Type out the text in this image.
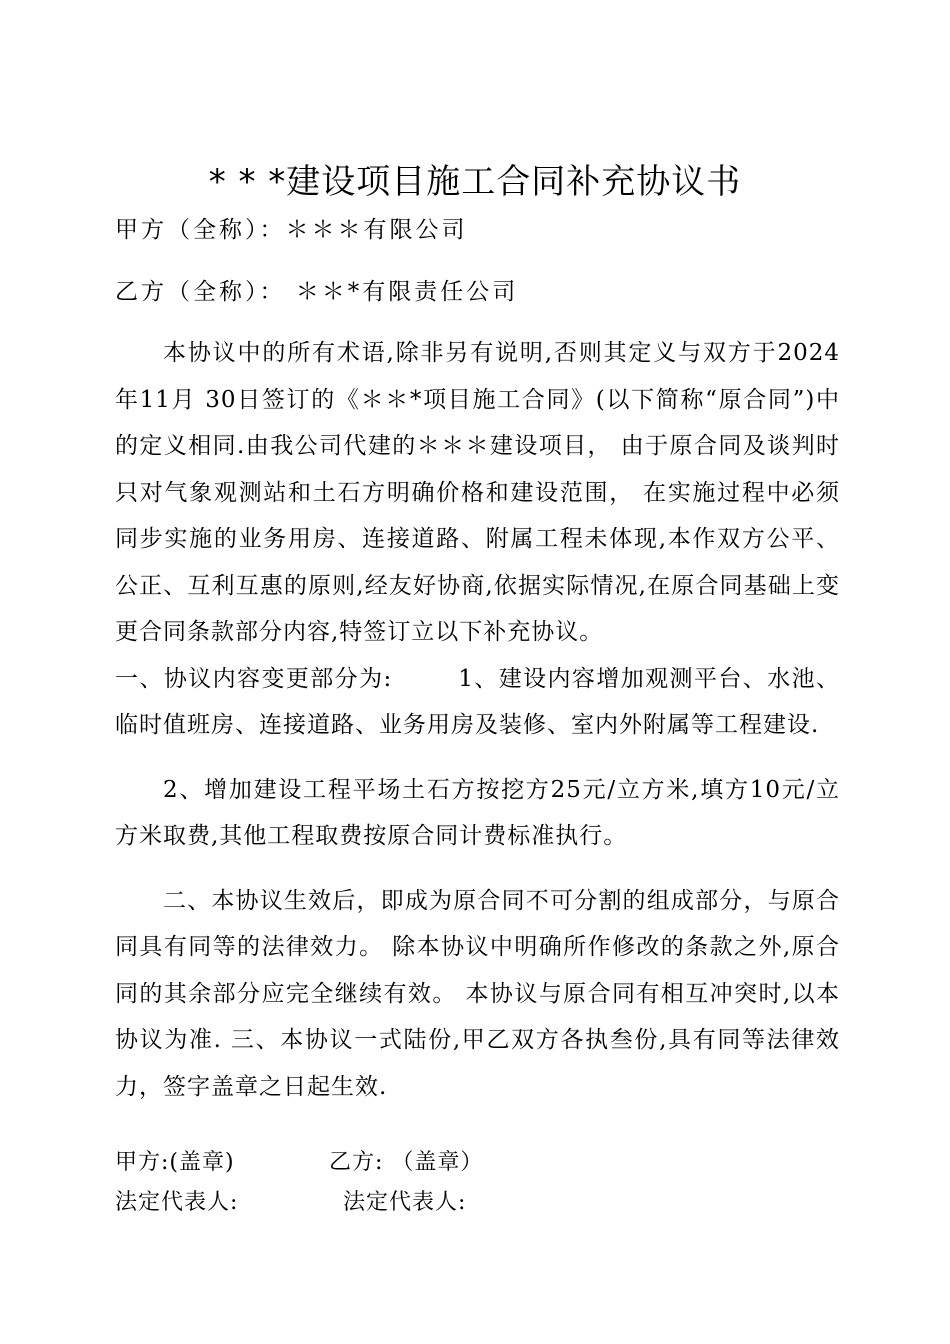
* * *建设项目施工合同补充协议书
甲方（全称）：＊＊＊有限公司
乙方（全称）： ＊＊*有限责任公司

本协议中的所有术语,除非另有说明,否则其定义与双方于2024年11月 30日签订的《＊＊*项目施工合同》(以下简称“原合同”)中的定义相同.由我公司代建的＊＊＊建设项目， 由于原合同及谈判时只对气象观测站和土石方明确价格和建设范围， 在实施过程中必须同步实施的业务用房、连接道路、附属工程未体现,本作双方公平、公正、互利互惠的原则,经友好协商,依据实际情况,在原合同基础上变更合同条款部分内容,特签订立以下补充协议。

一、协议内容变更部分为:	1、建设内容增加观测平台、水池、临时值班房、连接道路、业务用房及装修、室内外附属等工程建设.

2、增加建设工程平场土石方按挖方25元/立方米,填方10元/立方米取费,其他工程取费按原合同计费标准执行。

二、本协议生效后，即成为原合同不可分割的组成部分，与原合同具有同等的法律效力。 除本协议中明确所作修改的条款之外,原合同的其余部分应完全继续有效。 本协议与原合同有相互冲突时,以本协议为准. 三、本协议一式陆份,甲乙双方各执叁份,具有同等法律效力，签字盖章之日起生效.

甲方:(盖章)	乙方: （盖章）
法定代表人:	法定代表人:
